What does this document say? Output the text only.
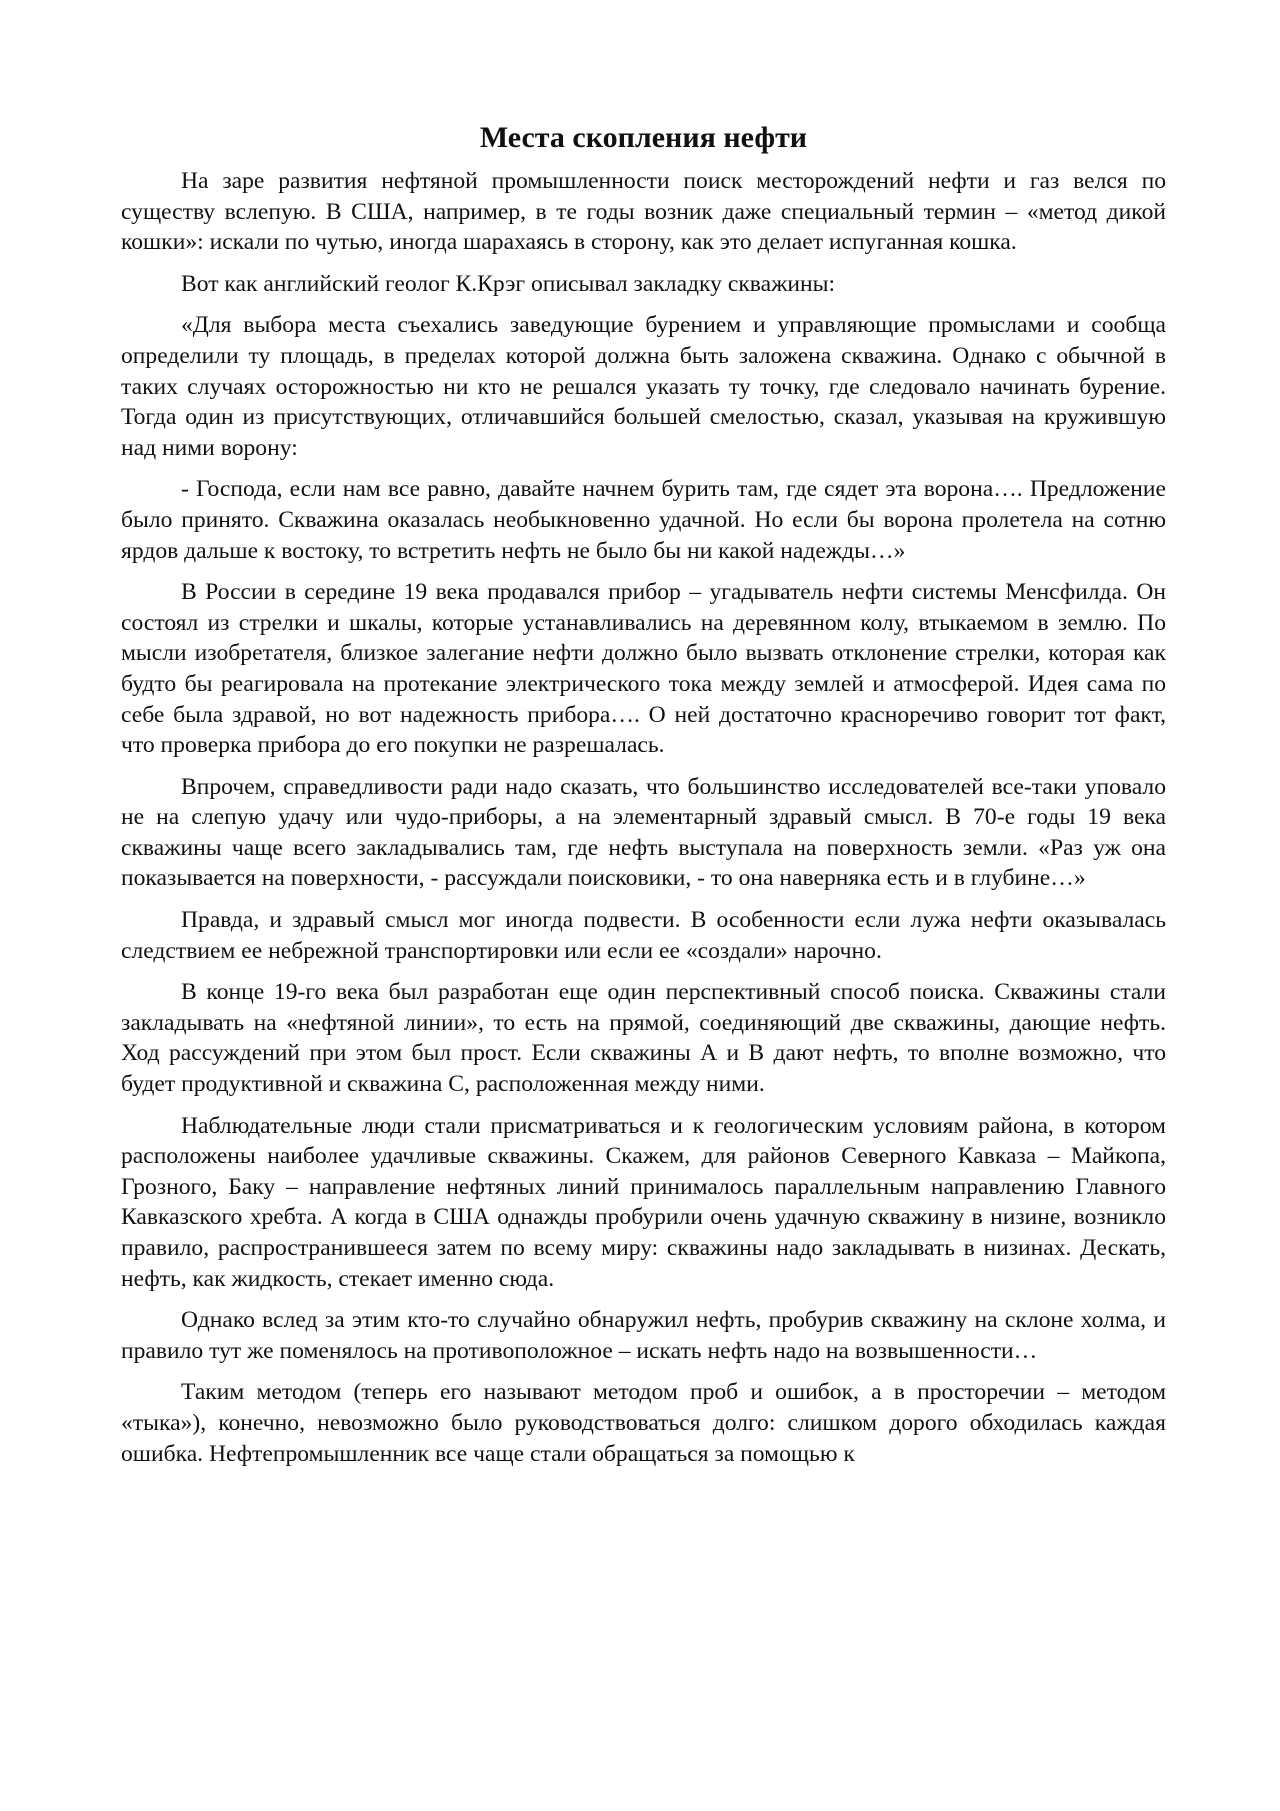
Места скопления нефти

На заре развития нефтяной промышленности поиск месторождений нефти и газ велся по существу вслепую. В США, например, в те годы возник даже специальный термин – «метод дикой кошки»: искали по чутью, иногда шарахаясь в сторону, как это делает испуганная кошка.

Вот как английский геолог К.Крэг описывал закладку скважины:

«Для выбора места съехались заведующие бурением и управляющие промыслами и сообща определили ту площадь, в пределах которой должна быть заложена скважина. Однако с обычной в таких случаях осторожностью ни кто не решался указать ту точку, где следовало начинать бурение. Тогда один из присутствующих, отличавшийся большей смелостью, сказал, указывая на кружившую над ними ворону:

- Господа, если нам все равно, давайте начнем бурить там, где сядет эта ворона…. Предложение было принято. Скважина оказалась необыкновенно удачной. Но если бы ворона пролетела на сотню ярдов дальше к востоку, то встретить нефть не было бы ни какой надежды…»

В России в середине 19 века продавался прибор – угадыватель нефти системы Менсфилда. Он состоял из стрелки и шкалы, которые устанавливались на деревянном колу, втыкаемом в землю. По мысли изобретателя, близкое залегание нефти должно было вызвать отклонение стрелки, которая как будто бы реагировала на протекание электрического тока между землей и атмосферой. Идея сама по себе была здравой, но вот надежность прибора…. О ней достаточно красноречиво говорит тот факт, что проверка прибора до его покупки не разрешалась.

Впрочем, справедливости ради надо сказать, что большинство исследователей все-таки уповало не на слепую удачу или чудо-приборы, а на элементарный здравый смысл. В 70-е годы 19 века скважины чаще всего закладывались там, где нефть выступала на поверхность земли. «Раз уж она показывается на поверхности, - рассуждали поисковики, - то она наверняка есть и в глубине…»

Правда, и здравый смысл мог иногда подвести. В особенности если лужа нефти оказывалась следствием ее небрежной транспортировки или если ее «создали» нарочно.

В конце 19-го века был разработан еще один перспективный способ поиска. Скважины стали закладывать на «нефтяной линии», то есть на прямой, соединяющий две скважины, дающие нефть. Ход рассуждений при этом был прост. Если скважины А и В дают нефть, то вполне возможно, что будет продуктивной и скважина С, расположенная между ними.

Наблюдательные люди стали присматриваться и к геологическим условиям района, в котором расположены наиболее удачливые скважины. Скажем, для районов Северного Кавказа – Майкопа, Грозного, Баку – направление нефтяных линий принималось параллельным направлению Главного Кавказского хребта. А когда в США однажды пробурили очень удачную скважину в низине, возникло правило, распространившееся затем по всему миру: скважины надо закладывать в низинах. Дескать, нефть, как жидкость, стекает именно сюда.

Однако вслед за этим кто-то случайно обнаружил нефть, пробурив скважину на склоне холма, и правило тут же поменялось на противоположное – искать нефть надо на возвышенности…

Таким методом (теперь его называют методом проб и ошибок, а в просторечии – методом «тыка»), конечно, невозможно было руководствоваться долго: слишком дорого обходилась каждая ошибка. Нефтепромышленник все чаще стали обращаться за помощью к
